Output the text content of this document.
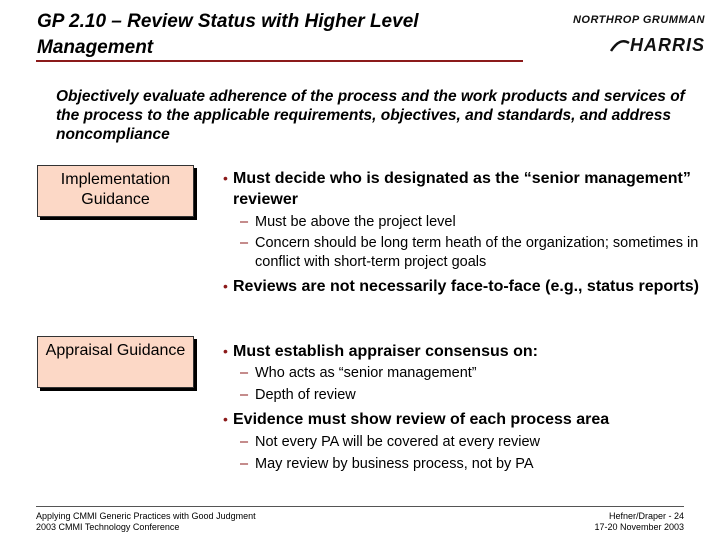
GP 2.10 – Review Status with Higher Level Management
NORTHROP GRUMMAN
HARRIS
Objectively evaluate adherence of the process and the work products and services of the process to the applicable requirements, objectives, and standards, and address noncompliance
Implementation Guidance
Appraisal Guidance
• Must decide who is designated as the “senior management” reviewer
– Must be above the project level
– Concern should be long term heath of the organization; sometimes in conflict with short-term project goals
• Reviews are not necessarily face-to-face (e.g., status reports)
• Must establish appraiser consensus on:
– Who acts as “senior management”
– Depth of review
• Evidence must show review of each process area
– Not every PA will be covered at every review
– May review by business process, not by PA
Applying CMMI Generic Practices with Good Judgment
2003 CMMI Technology Conference
Hefner/Draper - 24
17-20 November 2003
